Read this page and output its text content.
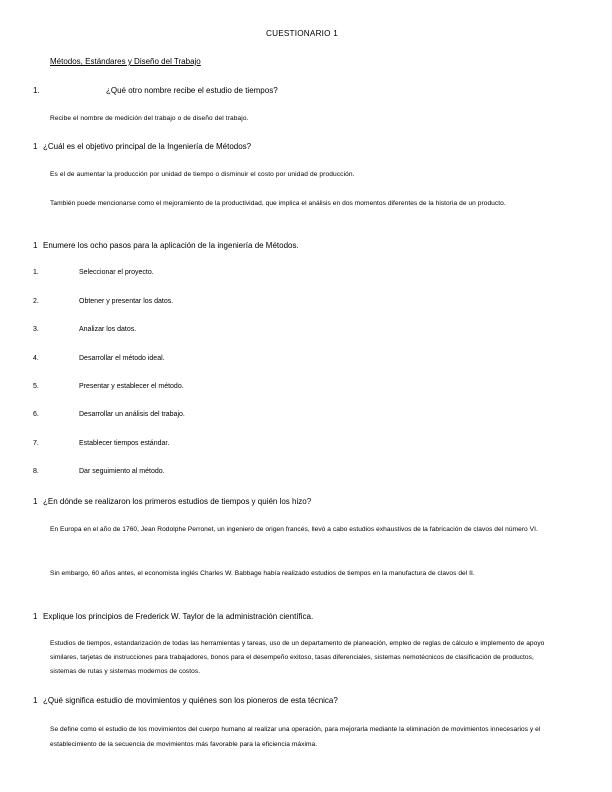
CUESTIONARIO 1
Métodos, Estándares y Diseño del Trabajo
1.	¿Qué otro nombre recibe el estudio de tiempos?
Recibe el nombre de medición del trabajo o de diseño del trabajo.
1 ¿Cuál es el objetivo principal de la Ingeniería de Métodos?
Es el de aumentar la producción por unidad de tiempo o disminuir el costo por unidad de producción.
También puede mencionarse como el mejoramiento de la productividad, que implica el análisis en dos momentos diferentes de la historia de un producto.
1 Enumere los ocho pasos para la aplicación de la ingeniería de Métodos.
1.	Seleccionar el proyecto.
2.	Obtener y presentar los datos.
3.	Analizar los datos.
4.	Desarrollar el método ideal.
5.	Presentar y establecer el método.
6.	Desarrollar un análisis del trabajo.
7.	Establecer tiempos estándar.
8.	Dar seguimiento al método.
1 ¿En dónde se realizaron los primeros estudios de tiempos y quién los hizo?
En Europa en el año de 1760, Jean Rodolphe Perronet, un ingeniero de origen francés, llevó a cabo estudios exhaustivos de la fabricación de clavos del número VI.
Sin embargo, 60 años antes, el economista inglés Charles W. Babbage había realizado estudios de tiempos en la manufactura de clavos del II.
1 Explique los principios de Frederick W. Taylor de la administración científica.
Estudios de tiempos, estandarización de todas las herramientas y tareas, uso de un departamento de planeación, empleo de reglas de cálculo e implemento de apoyo similares, tarjetas de instrucciones para trabajadores, bonos para el desempeño exitoso, tasas diferenciales, sistemas nemotécnicos de clasificación de productos, sistemas de rutas y sistemas modernos de costos.
1 ¿Qué significa estudio de movimientos y quiénes son los pioneros de esta técnica?
Se define como el estudio de los movimientos del cuerpo humano al realizar una operación, para mejorarla mediante la eliminación de movimientos innecesarios y el establecimiento de la secuencia de movimientos más favorable para la eficiencia máxima.
